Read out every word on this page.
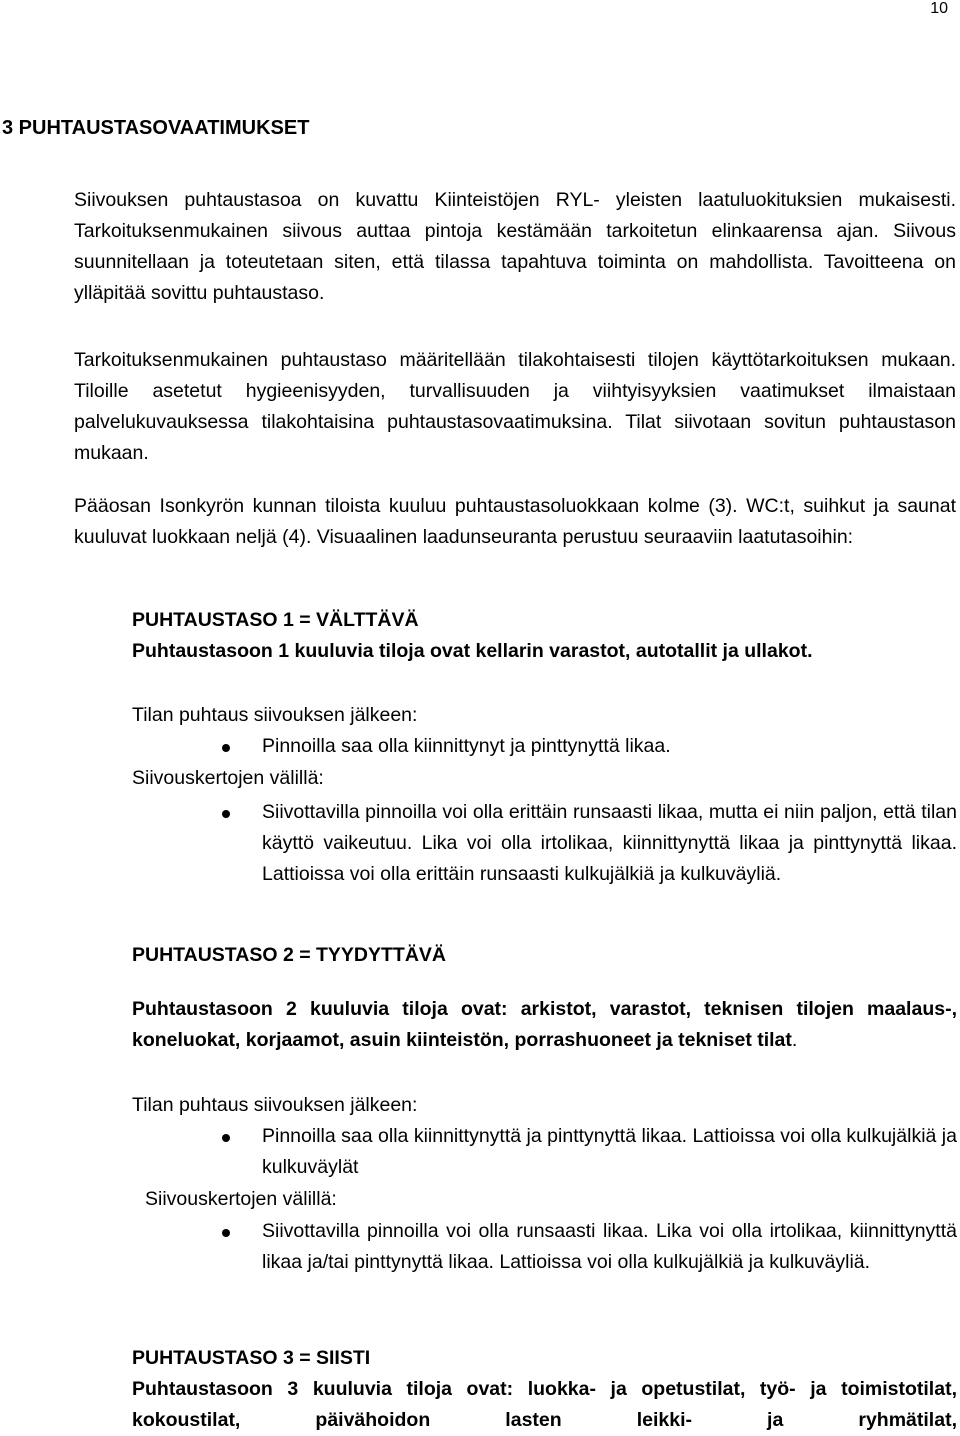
10
3 PUHTAUSTASOVAATIMUKSET

Siivouksen puhtaustasoa on kuvattu Kiinteistöjen RYL- yleisten laatuluokituksien mukaisesti. Tarkoituksenmukainen siivous auttaa pintoja kestämään tarkoitetun elinkaarensa ajan. Siivous suunnitellaan ja toteutetaan siten, että tilassa tapahtuva toiminta on mahdollista. Tavoitteena on ylläpitää sovittu puhtaustaso.

Tarkoituksenmukainen puhtaustaso määritellään tilakohtaisesti tilojen käyttötarkoituksen mukaan. Tiloille asetetut hygieenisyyden, turvallisuuden ja viihtyisyyksien vaatimukset ilmaistaan palvelukuvauksessa tilakohtaisina puhtaustasovaatimuksina. Tilat siivotaan sovitun puhtaustason mukaan.

Pääosan Isonkyrön kunnan tiloista kuuluu puhtaustasoluokkaan kolme (3). WC:t, suihkut ja saunat kuuluvat luokkaan neljä (4). Visuaalinen laadunseuranta perustuu seuraaviin laatutasoihin:

PUHTAUSTASO 1 = VÄLTTÄVÄ

Puhtaustasoon 1 kuuluvia tiloja ovat kellarin varastot, autotallit ja ullakot.

Tilan puhtaus siivouksen jälkeen:
Pinnoilla saa olla kiinnittynyt ja pinttynyttä likaa.
Siivouskertojen välillä:
Siivottavilla pinnoilla voi olla erittäin runsaasti likaa, mutta ei niin paljon, että tilan käyttö vaikeutuu. Lika voi olla irtolikaa, kiinnittynyttä likaa ja pinttynyttä likaa. Lattioissa voi olla erittäin runsaasti kulkujälkiä ja kulkuväyliä.
PUHTAUSTASO 2 = TYYDYTTÄVÄ

Puhtaustasoon 2 kuuluvia tiloja ovat: arkistot, varastot, teknisen tilojen maalaus-, koneluokat, korjaamot, asuin kiinteistön, porrashuoneet ja tekniset tilat.

Tilan puhtaus siivouksen jälkeen:
Pinnoilla saa olla kiinnittynyttä ja pinttynyttä likaa. Lattioissa voi olla kulkujälkiä ja kulkuväylät
Siivouskertojen välillä:
Siivottavilla pinnoilla voi olla runsaasti likaa. Lika voi olla irtolikaa, kiinnittynyttä likaa ja/tai pinttynyttä likaa. Lattioissa voi olla kulkujälkiä ja kulkuväyliä.
PUHTAUSTASO 3 = SIISTI

Puhtaustasoon 3 kuuluvia tiloja ovat: luokka- ja opetustilat, työ- ja toimistotilat, kokoustilat, päivähoidon lasten leikki- ja ryhmätilat,
